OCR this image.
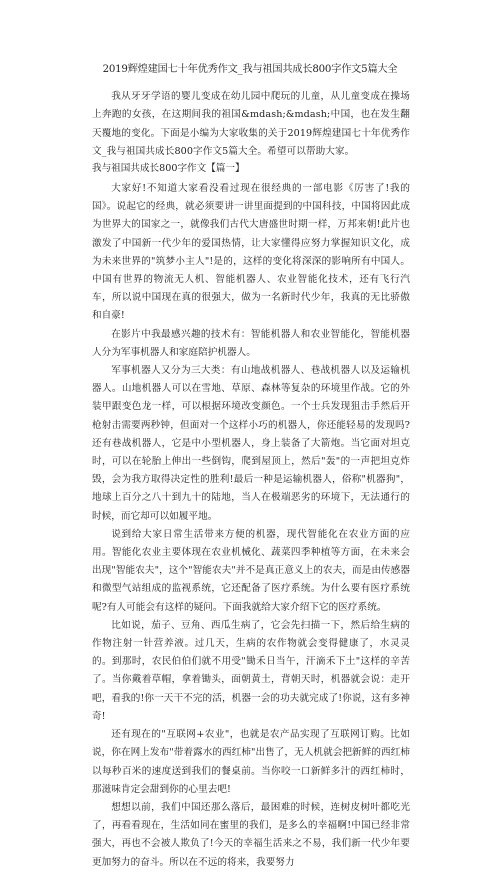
2019辉煌建国七十年优秀作文_我与祖国共成长800字作文5篇大全

我从牙牙学语的婴儿变成在幼儿园中爬玩的儿童，从儿童变成在操场上奔跑的女孩，在这期间我的祖国&mdash;&mdash;中国，也在发生翻天覆地的变化。下面是小编为大家收集的关于2019辉煌建国七十年优秀作文_我与祖国共成长800字作文5篇大全。希望可以帮助大家。

我与祖国共成长800字作文【篇一】

大家好!不知道大家看没看过现在很经典的一部电影《厉害了!我的国》。说起它的经典，就必须要讲一讲里面提到的中国科技，中国将因此成为世界大的国家之一，就像我们古代大唐盛世时期一样，万邦来朝!此片也激发了中国新一代少年的爱国热情，让大家懂得应努力掌握知识文化，成为未来世界的"筑梦小主人"!是的，这样的变化将深深的影响所有中国人。中国有世界的物流无人机、智能机器人、农业智能化技术，还有飞行汽车，所以说中国现在真的很强大，做为一名新时代少年，我真的无比骄傲和自豪!

在影片中我最感兴趣的技术有：智能机器人和农业智能化，智能机器人分为军事机器人和家庭陪护机器人。

军事机器人又分为三大类：有山地战机器人、巷战机器人以及运输机器人。山地机器人可以在雪地、草原、森林等复杂的环境里作战。它的外装甲跟变色龙一样，可以根据环境改变颜色。一个士兵发现狙击手然后开枪射击需要两秒钟，但面对一个这样小巧的机器人，你还能轻易的发现吗?还有巷战机器人，它是中小型机器人，身上装备了大箭炮。当它面对坦克时，可以在轮胎上伸出一些倒钩，爬到屋顶上，然后"轰"的一声把坦克炸毁，会为我方取得决定性的胜利!最后一种是运输机器人，俗称"机器狗"，地球上百分之八十到九十的陆地，当人在极端恶劣的环境下，无法通行的时候，而它却可以如履平地。

说到给大家日常生活带来方便的机器，现代智能化在农业方面的应用。智能化农业主要体现在农业机械化、蔬菜四季种植等方面，在未来会出现"智能农夫"，这个"智能农夫"并不是真正意义上的农夫，而是由传感器和微型气站组成的监视系统，它还配备了医疗系统。为什么要有医疗系统呢?有人可能会有这样的疑问。下面我就给大家介绍下它的医疗系统。

比如说，茄子、豆角、西瓜生病了，它会先扫描一下，然后给生病的作物注射一针营养液。过几天，生病的农作物就会变得健康了，水灵灵的。到那时，农民伯伯们就不用受"锄禾日当午，汗滴禾下土"这样的辛苦了。当你戴着草帽，拿着锄头，面朝黄土，背朝天时，机器就会说：走开吧，看我的!你一天干不完的活，机器一会的功夫就完成了!你说，这有多神奇!

还有现在的"互联网+农业"，也就是农产品实现了互联网订购。比如说，你在网上发布"带着露水的西红柿"出售了，无人机就会把新鲜的西红柿以每秒百米的速度送到我们的餐桌前。当你咬一口新鲜多汁的西红柿时，那滋味肯定会甜到你的心里去吧!

想想以前，我们中国还那么落后，最困难的时候，连树皮树叶都吃光了，再看看现在，生活如同在蜜里的我们，是多么的幸福啊!中国已经非常强大，再也不会被人欺负了!今天的幸福生活来之不易，我们新一代少年要更加努力的奋斗。所以在不远的将来，我要努力
